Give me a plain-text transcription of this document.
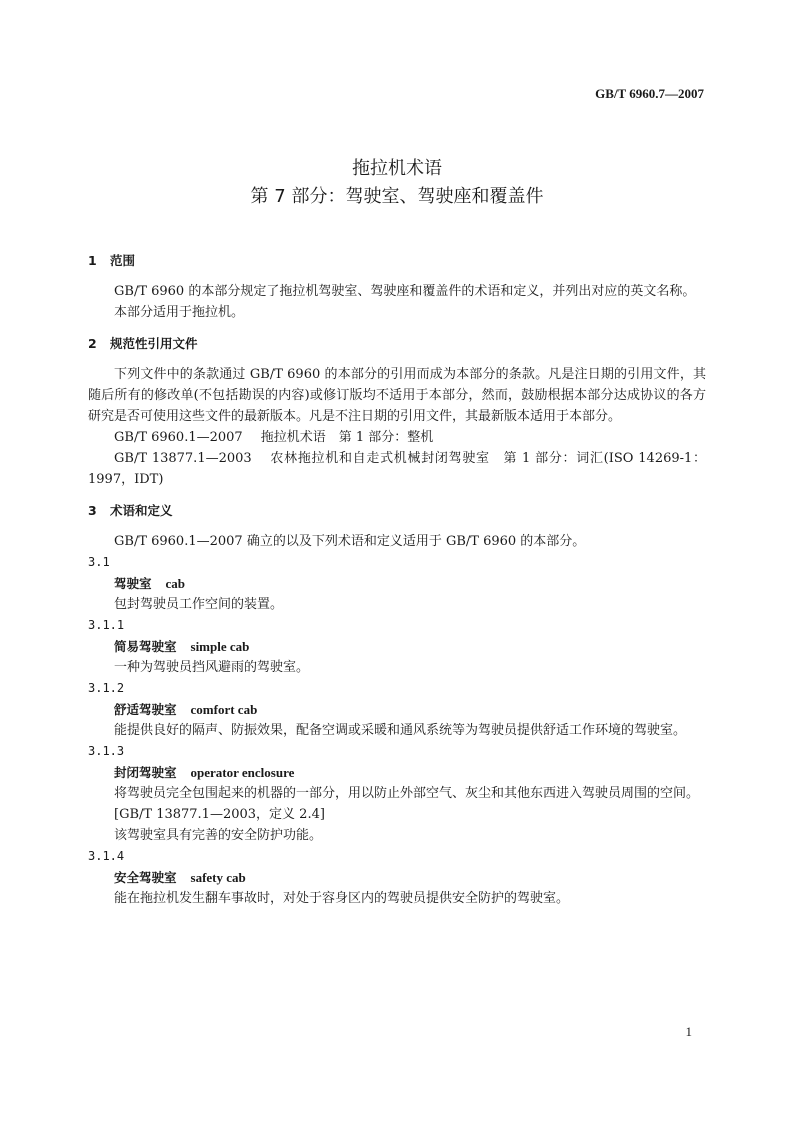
GB/T 6960.7—2007
拖拉机术语
第 7 部分：驾驶室、驾驶座和覆盖件
1 范围

GB/T 6960 的本部分规定了拖拉机驾驶室、驾驶座和覆盖件的术语和定义，并列出对应的英文名称。

本部分适用于拖拉机。

2 规范性引用文件

下列文件中的条款通过 GB/T 6960 的本部分的引用而成为本部分的条款。凡是注日期的引用文件，其随后所有的修改单(不包括勘误的内容)或修订版均不适用于本部分，然而，鼓励根据本部分达成协议的各方研究是否可使用这些文件的最新版本。凡是不注日期的引用文件，其最新版本适用于本部分。

GB/T 6960.1—2007 拖拉机术语　第 1 部分：整机

GB/T 13877.1—2003 农林拖拉机和自走式机械封闭驾驶室　第 1 部分：词汇(ISO 14269-1：1997，IDT)

3 术语和定义

GB/T 6960.1—2007 确立的以及下列术语和定义适用于 GB/T 6960 的本部分。

3.1

驾驶室 cab

包封驾驶员工作空间的装置。

3.1.1

简易驾驶室 simple cab

一种为驾驶员挡风避雨的驾驶室。

3.1.2

舒适驾驶室 comfort cab

能提供良好的隔声、防振效果，配备空调或采暖和通风系统等为驾驶员提供舒适工作环境的驾驶室。

3.1.3

封闭驾驶室 operator enclosure

将驾驶员完全包围起来的机器的一部分，用以防止外部空气、灰尘和其他东西进入驾驶员周围的空间。

[GB/T 13877.1—2003，定义 2.4]

该驾驶室具有完善的安全防护功能。

3.1.4

安全驾驶室 safety cab

能在拖拉机发生翻车事故时，对处于容身区内的驾驶员提供安全防护的驾驶室。

1
